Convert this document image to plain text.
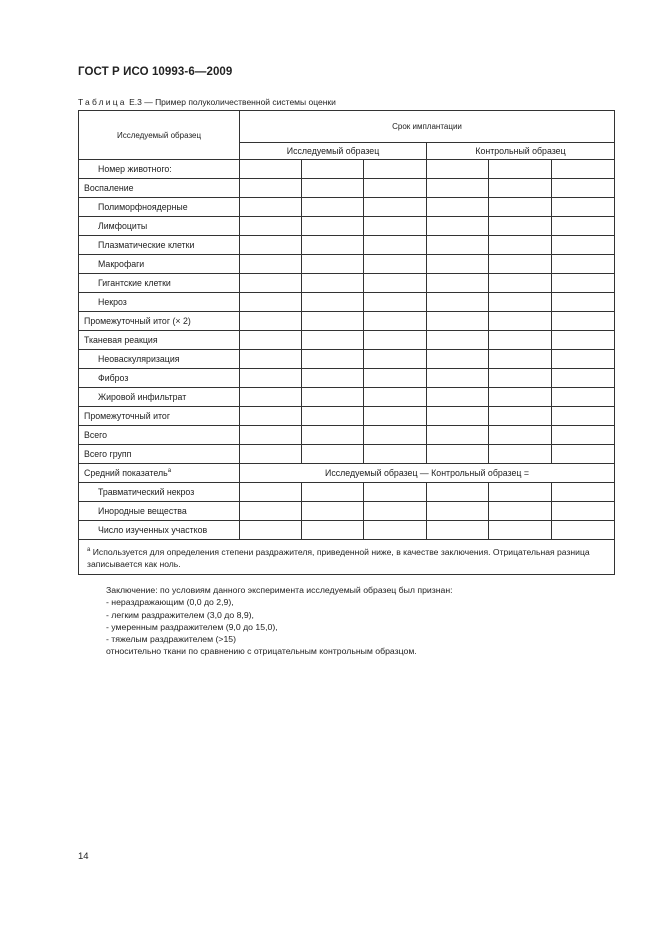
ГОСТ Р ИСО 10993-6—2009
Таблица Е.3 — Пример полуколичественной системы оценки
Исследуемый образец	Срок имплантации					
	Исследуемый образец			Контрольный образец		
Номер животного:						
Воспаление						
Полиморфноядерные						
Лимфоциты						
Плазматические клетки						
Макрофаги						
Гигантские клетки						
Некроз						
Промежуточный итог (× 2)						
Тканевая реакция						
Неоваскуляризация						
Фиброз						
Жировой инфильтрат						
Промежуточный итог						
Всего						
Всего групп						
Средний показатель$^a$	Исследуемый образец — Контрольный образец =					
Травматический некроз						
Инородные вещества						
Число изученных участков						
$^a$ Используется для определения степени раздражителя, приведенной ниже, в качестве заключения. Отрицательная разница записывается как ноль.						
Заключение: по условиям данного эксперимента исследуемый образец был признан:
- нераздражающим (0,0 до 2,9),
- легким раздражителем (3,0 до 8,9),
- умеренным раздражителем (9,0 до 15,0),
- тяжелым раздражителем (>15)
относительно ткани по сравнению с отрицательным контрольным образцом.
14
